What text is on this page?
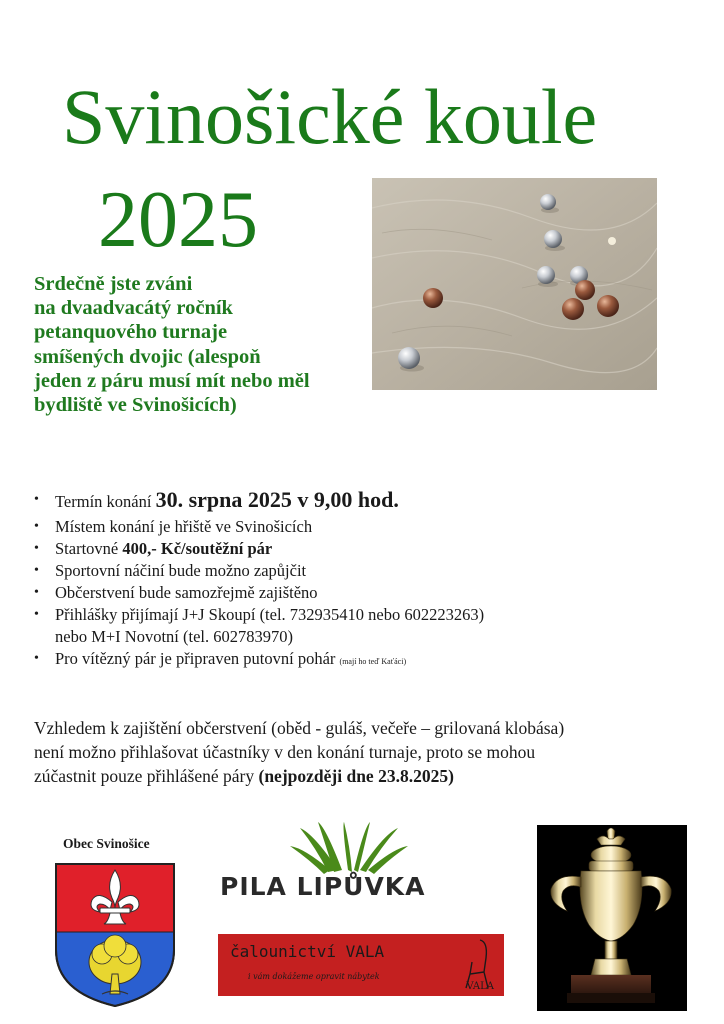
Svinošické koule
2025
Srdečně jste zváni
na dvaadvacátý ročník
petanquového turnaje
smíšených dvojic (alespoň
jeden z páru musí mít nebo měl
bydliště ve Svinošicích)
• Termín konání 30. srpna 2025 v 9,00 hod.
• Místem konání je hřiště ve Svinošicích
• Startovné 400,- Kč/soutěžní pár
• Sportovní náčiní bude možno zapůjčit
• Občerstvení bude samozřejmě zajištěno
• Přihlášky přijímají J+J Skoupí (tel. 732935410 nebo 602223263)
nebo M+I Novotní (tel. 602783970)
• Pro vítězný pár je připraven putovní pohár (mají ho teď Kaťáci)
Vzhledem k zajištění občerstvení (oběd - guláš, večeře – grilovaná klobása)
není možno přihlašovat účastníky v den konání turnaje, proto se mohou
zúčastnit pouze přihlášené páry (nejpozději dne 23.8.2025)
Obec Svinošice
PILA LIPŮVKA
čalounictví VALA
i vám dokážeme opravit nábytek
VALA
